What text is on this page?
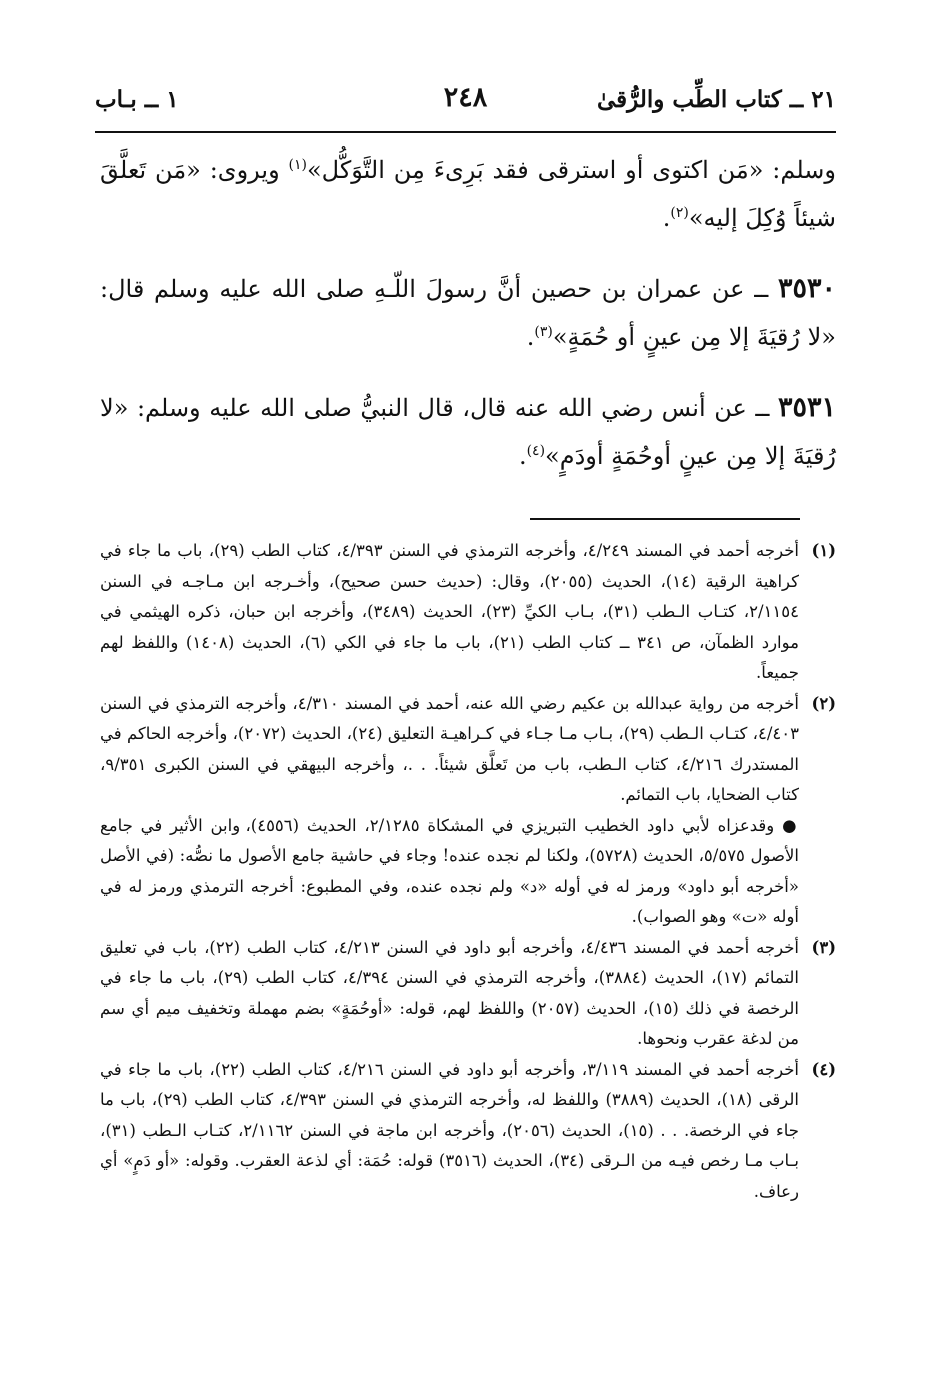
٢١ ــ كتاب الطِّب والرُّقىٰ
٢٤٨
١ ــ بـاب

وسلم: «مَن اكتوى أو استرقى فقد بَرِىءَ مِن التَّوَكُّل»$^{(١)}$ ويروى: «مَن تَعلَّقَ شيئاً وُكِلَ إليه»$^{(٢)}$.

٣٥٣٠ ــ عن عمران بن حصين أنَّ رسولَ اللّـهِ صلى الله عليه وسلم قال: «لا رُقيَةَ إلا مِن عينٍ أو حُمَةٍ»$^{(٣)}$.

٣٥٣١ ــ عن أنس رضي الله عنه قال، قال النبيُّ صلى الله عليه وسلم: «لا رُقيَةَ إلا مِن عينٍ أوحُمَةٍ أودَمٍ»$^{(٤)}$.

(١)
أخرجه أحمد في المسند ٤/٢٤٩، وأخرجه الترمذي في السنن ٤/٣٩٣، كتاب الطب (٢٩)، باب ما جاء في كراهية الرقية (١٤)، الحديث (٢٠٥٥)، وقال: (حديث حسن صحيح)، وأخـرجه ابن مـاجـه في السنن ٢/١١٥٤، كتـاب الـطب (٣١)، بـاب الكيِّ (٢٣)، الحديث (٣٤٨٩)، وأخرجه ابن حبان، ذكره الهيثمي في موارد الظمآن، ص ٣٤١ ــ كتاب الطب (٢١)، باب ما جاء في الكي (٦)، الحديث (١٤٠٨) واللفظ لهم جميعاً.

(٢)

أخرجه من رواية عبدالله بن عكيم رضي الله عنه، أحمد في المسند ٤/٣١٠، وأخرجه الترمذي في السنن ٤/٤٠٣، كتـاب الـطب (٢٩)، بـاب مـا جـاء في كـراهيـة التعليق (٢٤)، الحديث (٢٠٧٢)، وأخرجه الحاكم في المستدرك ٤/٢١٦، كتاب الـطب، باب من تَعلَّق شيئاً. . .، وأخرجه البيهقي في السنن الكبرى ٩/٣٥١، كتاب الضحايا، باب التمائم.

● وقدعزاه لأبي داود الخطيب التبريزي في المشكاة ٢/١٢٨٥، الحديث (٤٥٥٦)، وابن الأثير في جامع الأصول ٥/٥٧٥، الحديث (٥٧٢٨)، ولكنا لم نجده عنده! وجاء في حاشية جامع الأصول ما نصُّه: (في الأصل «أخرجه أبو داود» ورمز له في أوله «د» ولم نجده عنده، وفي المطبوع: أخرجه الترمذي ورمز له في أوله «ت» وهو الصواب).

(٣)
أخرجه أحمد في المسند ٤/٤٣٦، وأخرجه أبو داود في السنن ٤/٢١٣، كتاب الطب (٢٢)، باب في تعليق التمائم (١٧)، الحديث (٣٨٨٤)، وأخرجه الترمذي في السنن ٤/٣٩٤، كتاب الطب (٢٩)، باب ما جاء في الرخصة في ذلك (١٥)، الحديث (٢٠٥٧) واللفظ لهم، قوله: «أوحُمَةٍ» بضم مهملة وتخفيف ميم أي سم من لدغة عقرب ونحوها.

(٤)
أخرجه أحمد في المسند ٣/١١٩، وأخرجه أبو داود في السنن ٤/٢١٦، كتاب الطب (٢٢)، باب ما جاء في الرقى (١٨)، الحديث (٣٨٨٩) واللفظ له، وأخرجه الترمذي في السنن ٤/٣٩٣، كتاب الطب (٢٩)، باب ما جاء في الرخصة. . . (١٥)، الحديث (٢٠٥٦)، وأخرجه ابن ماجة في السنن ٢/١١٦٢، كتـاب الـطب (٣١)، بـاب مـا رخص فيـه من الـرقى (٣٤)، الحديث (٣٥١٦) قوله: حُمَة: أي لذعة العقرب. وقوله: «أو دَمٍ» أي رعاف.
